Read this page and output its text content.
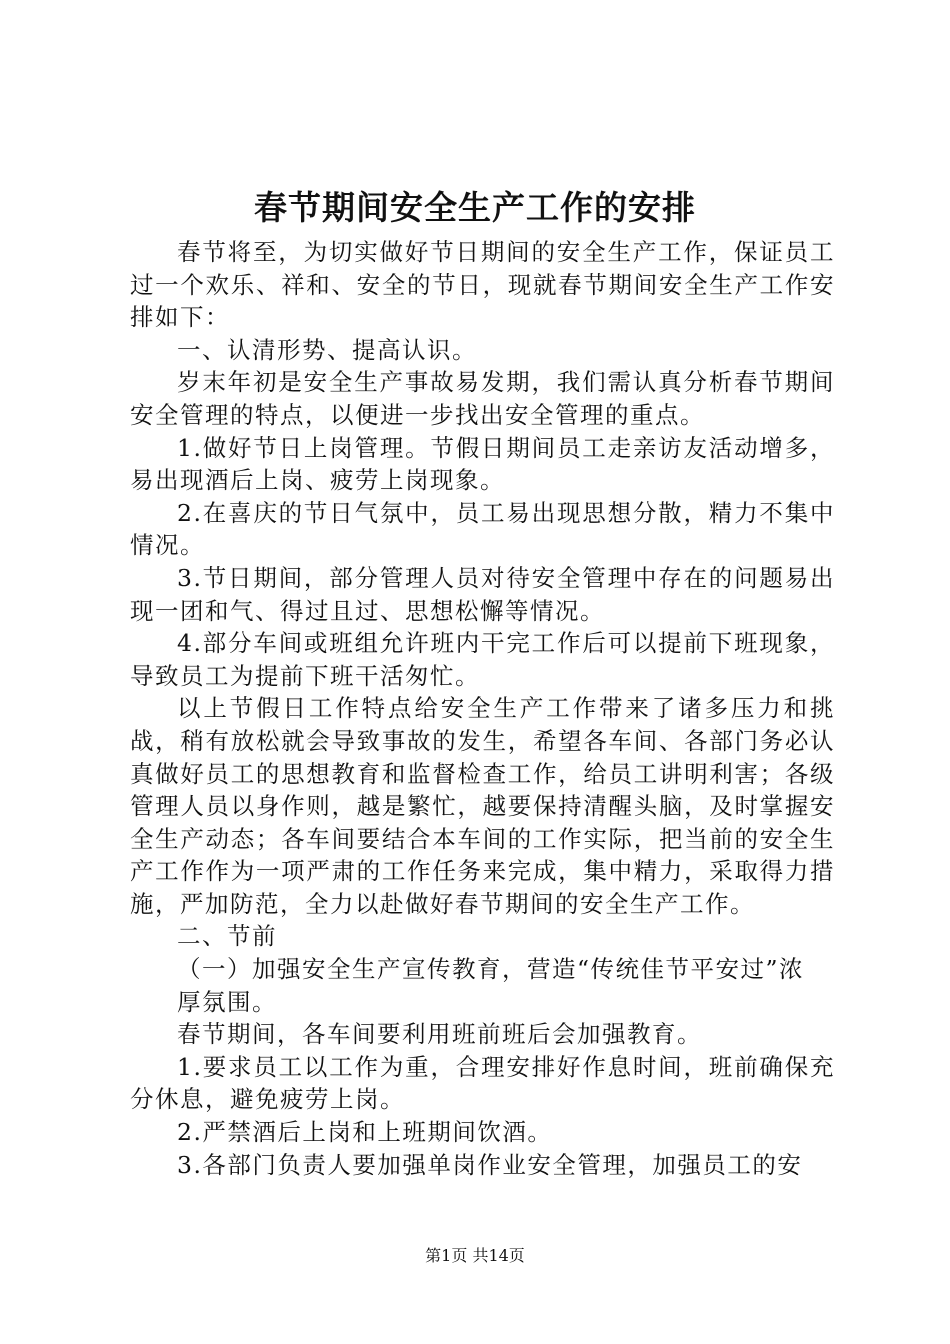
春节期间安全生产工作的安排

春节将至，为切实做好节日期间的安全生产工作，保证员工过一个欢乐、祥和、安全的节日，现就春节期间安全生产工作安排如下：

一、认清形势、提高认识。

岁末年初是安全生产事故易发期，我们需认真分析春节期间安全管理的特点，以便进一步找出安全管理的重点。

1.做好节日上岗管理。节假日期间员工走亲访友活动增多，易出现酒后上岗、疲劳上岗现象。

2.在喜庆的节日气氛中，员工易出现思想分散，精力不集中情况。

3.节日期间，部分管理人员对待安全管理中存在的问题易出现一团和气、得过且过、思想松懈等情况。

4.部分车间或班组允许班内干完工作后可以提前下班现象，导致员工为提前下班干活匆忙。

以上节假日工作特点给安全生产工作带来了诸多压力和挑战，稍有放松就会导致事故的发生，希望各车间、各部门务必认真做好员工的思想教育和监督检查工作，给员工讲明利害；各级管理人员以身作则，越是繁忙，越要保持清醒头脑，及时掌握安全生产动态；各车间要结合本车间的工作实际，把当前的安全生产工作作为一项严肃的工作任务来完成，集中精力，采取得力措施，严加防范，全力以赴做好春节期间的安全生产工作。

二、节前

（一）加强安全生产宣传教育，营造“传统佳节平安过”浓

厚氛围。

春节期间，各车间要利用班前班后会加强教育。

1.要求员工以工作为重，合理安排好作息时间，班前确保充分休息，避免疲劳上岗。

2.严禁酒后上岗和上班期间饮酒。

3.各部门负责人要加强单岗作业安全管理，加强员工的安

第1页 共14页
